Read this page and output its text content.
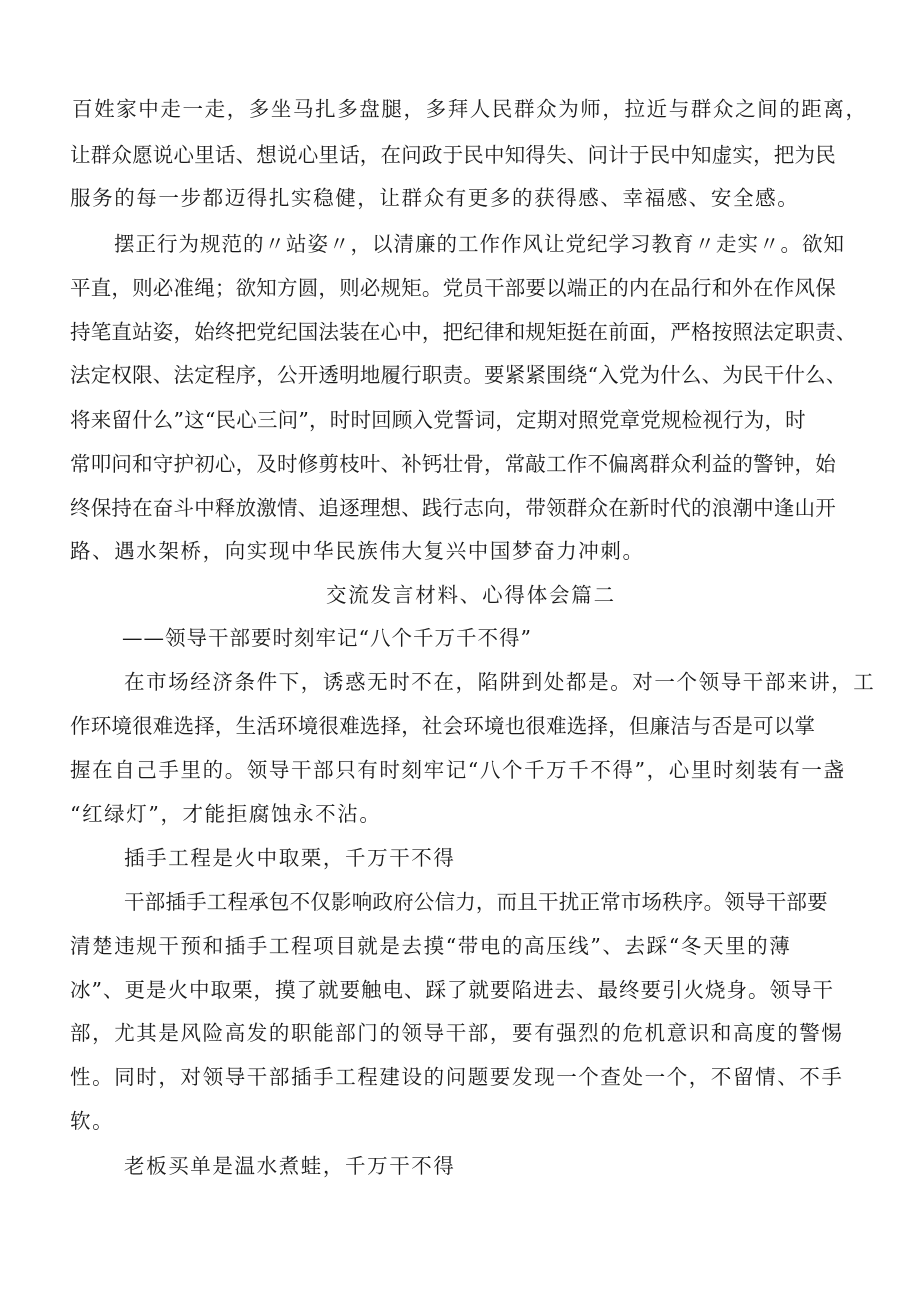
百姓家中走一走，多坐马扎多盘腿，多拜人民群众为师，拉近与群众之间的距离，
让群众愿说心里话、想说心里话，在问政于民中知得失、问计于民中知虚实，把为民
服务的每一步都迈得扎实稳健，让群众有更多的获得感、幸福感、安全感。
摆正行为规范的〃站姿〃，以清廉的工作作风让党纪学习教育〃走实〃。欲知
平直，则必准绳；欲知方圆，则必规矩。党员干部要以端正的内在品行和外在作风保
持笔直站姿，始终把党纪国法装在心中，把纪律和规矩挺在前面，严格按照法定职责、
法定权限、法定程序，公开透明地履行职责。要紧紧围绕“入党为什么、为民干什么、
将来留什么”这“民心三问”，时时回顾入党誓词，定期对照党章党规检视行为，时
常叩问和守护初心，及时修剪枝叶、补钙壮骨，常敲工作不偏离群众利益的警钟，始
终保持在奋斗中释放激情、追逐理想、践行志向，带领群众在新时代的浪潮中逢山开
路、遇水架桥，向实现中华民族伟大复兴中国梦奋力冲刺。
交流发言材料、心得体会篇二
——领导干部要时刻牢记“八个千万千不得”
在市场经济条件下，诱惑无时不在，陷阱到处都是。对一个领导干部来讲，工
作环境很难选择，生活环境很难选择，社会环境也很难选择，但廉洁与否是可以掌
握在自己手里的。领导干部只有时刻牢记“八个千万千不得”，心里时刻装有一盏
“红绿灯”，才能拒腐蚀永不沾。
插手工程是火中取栗，千万干不得
干部插手工程承包不仅影响政府公信力，而且干扰正常市场秩序。领导干部要
清楚违规干预和插手工程项目就是去摸“带电的高压线”、去踩“冬天里的薄
冰”、更是火中取栗，摸了就要触电、踩了就要陷进去、最终要引火烧身。领导干
部，尤其是风险高发的职能部门的领导干部，要有强烈的危机意识和高度的警惕
性。同时，对领导干部插手工程建设的问题要发现一个查处一个，不留情、不手
软。
老板买单是温水煮蛙，千万干不得
